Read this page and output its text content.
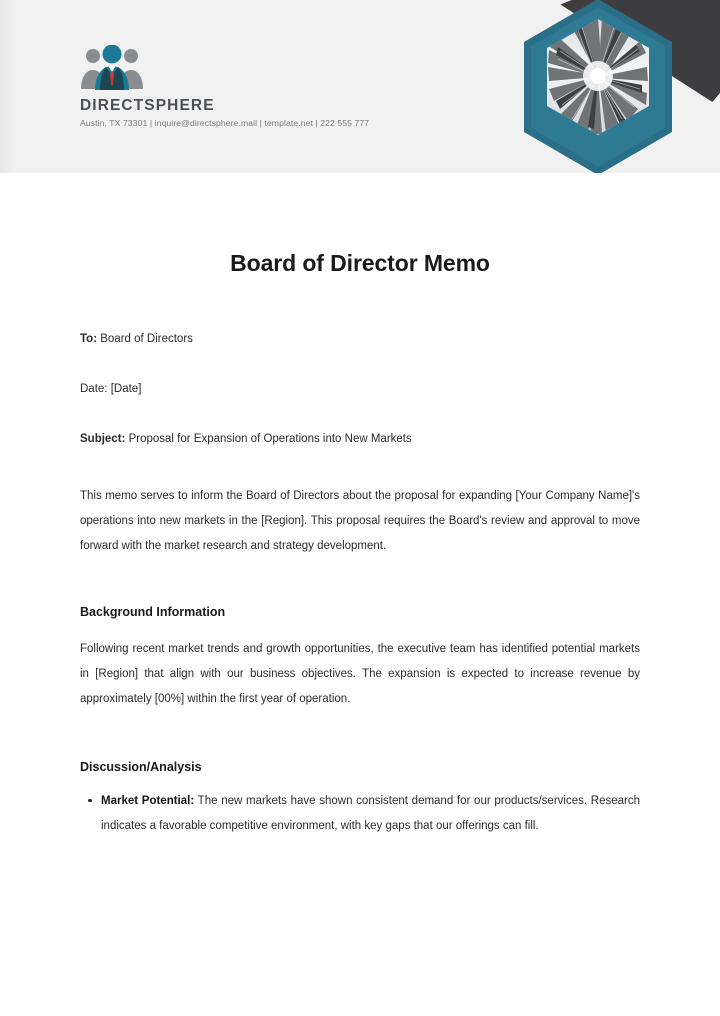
DIRECTSPHERE
Austin, TX 73301 | inquire@directsphere.mail | template.net | 222 555 777
Board of Director Memo
To: Board of Directors
Date: [Date]
Subject: Proposal for Expansion of Operations into New Markets

This memo serves to inform the Board of Directors about the proposal for expanding [Your Company Name]'s operations into new markets in the [Region]. This proposal requires the Board's review and approval to move forward with the market research and strategy development.

Background Information

Following recent market trends and growth opportunities, the executive team has identified potential markets in [Region] that align with our business objectives. The expansion is expected to increase revenue by approximately [00%] within the first year of operation.

Discussion/Analysis
Market Potential: The new markets have shown consistent demand for our products/services. Research indicates a favorable competitive environment, with key gaps that our offerings can fill.
